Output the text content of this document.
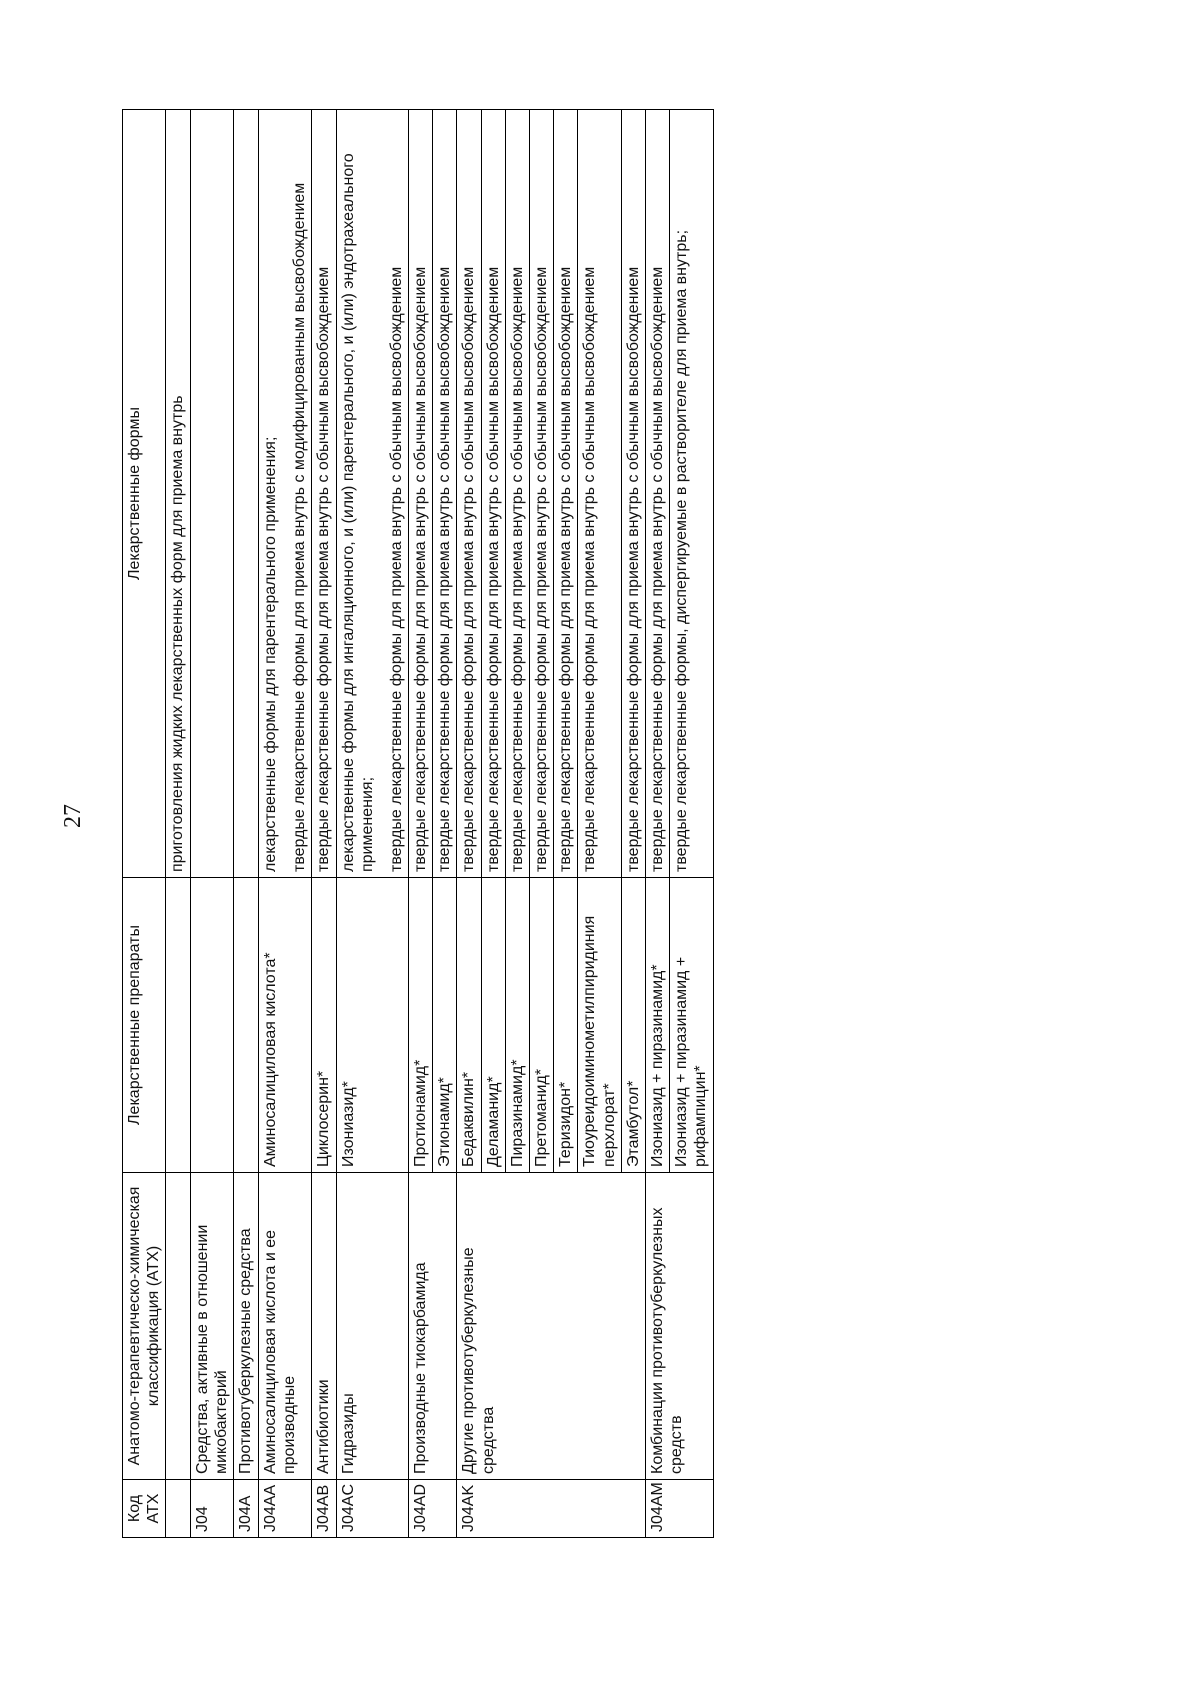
27
Код АТХ	Анатомо-терапевтическо-химическая классификация (АТХ)	Лекарственные препараты	Лекарственные формы

			приготовления жидких лекарственных форм для приема внутрь

J04	Средства, активные в отношении микобактерий		
J04A	Противотуберкулезные средства		
J04AA	Аминосалициловая кислота и ее производные	Аминосалициловая кислота*	лекарственные формы для парентерального применения; твердые лекарственные формы для приема внутрь с модифицированным высвобождением

J04AB	Антибиотики	Циклосерин*	твердые лекарственные формы для приема внутрь с обычным высвобождением

J04AC	Гидразиды	Изониазид*	лекарственные формы для ингаляционного, и (или) парентерального, и (или) эндотрахеального применения; твердые лекарственные формы для приема внутрь с обычным высвобождением

J04AD	Производные тиокарбамида	Протионамид*	твердые лекарственные формы для приема внутрь с обычным высвобождением

		Этионамид*	твердые лекарственные формы для приема внутрь с обычным высвобождением

J04AK	Другие противотуберкулезные средства	Бедаквилин*	твердые лекарственные формы для приема внутрь с обычным высвобождением

		Деламанид*	твердые лекарственные формы для приема внутрь с обычным высвобождением

		Пиразинамид*	твердые лекарственные формы для приема внутрь с обычным высвобождением

		Претоманид*	твердые лекарственные формы для приема внутрь с обычным высвобождением

		Теризидон*	твердые лекарственные формы для приема внутрь с обычным высвобождением

		Тиоуреидоиминометилпиридиния перхлорат*	твердые лекарственные формы для приема внутрь с обычным высвобождением

		Этамбутол*	твердые лекарственные формы для приема внутрь с обычным высвобождением

J04AM	Комбинации противотуберкулезных средств	Изониазид + пиразинамид*	твердые лекарственные формы для приема внутрь с обычным высвобождением

		Изониазид + пиразинамид + рифампицин*	твердые лекарственные формы, диспергируемые в растворителе для приема внутрь;
